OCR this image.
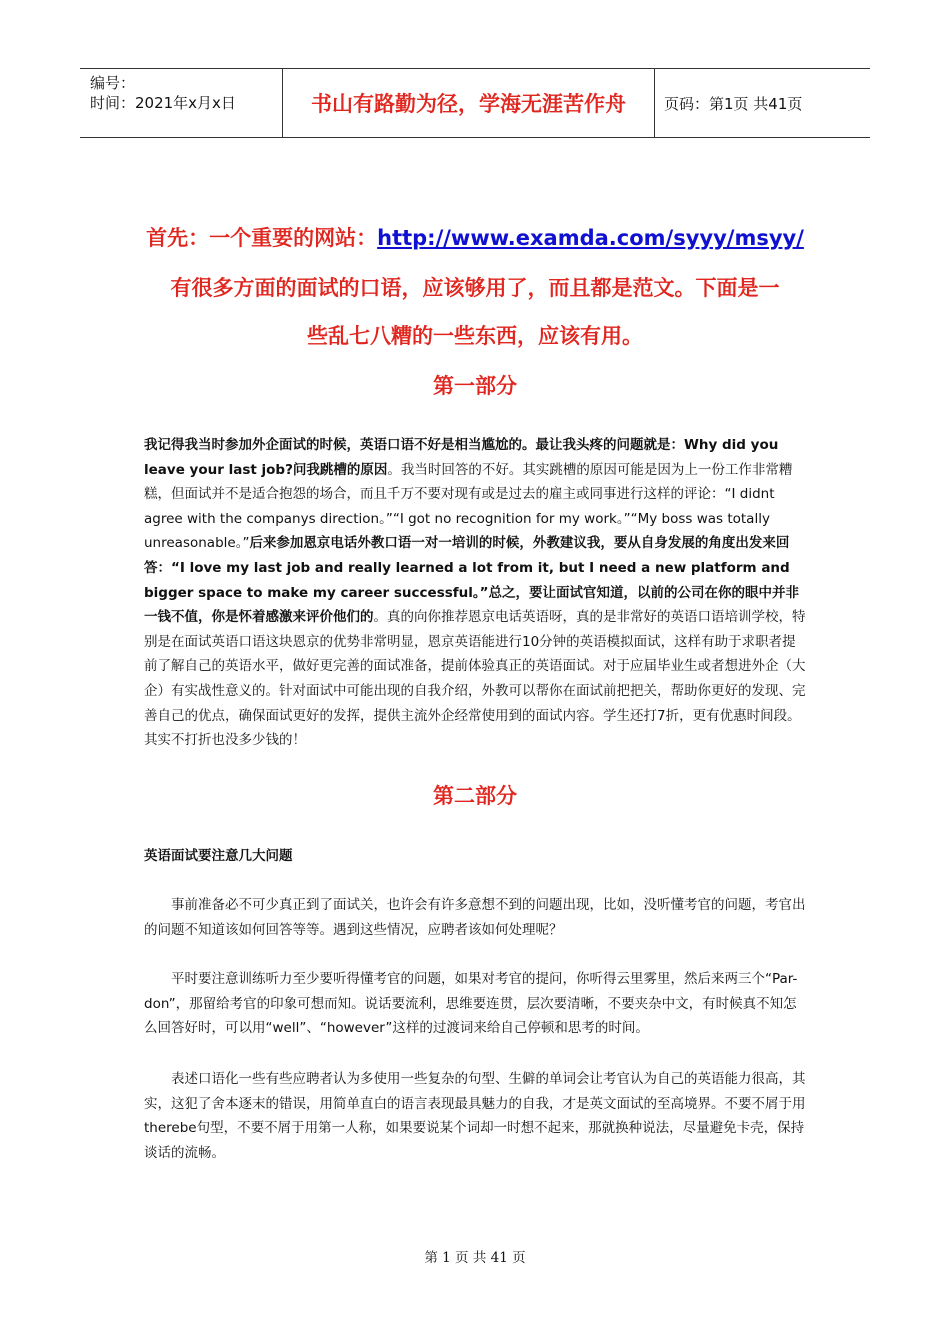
编号：
时间：2021年x月x日	书山有路勤为径，学海无涯苦作舟	页码：第1页 共41页
首先：一个重要的网站：http://www.examda.com/syyy/msyy/
有很多方面的面试的口语，应该够用了，而且都是范文。下面是一
些乱七八糟的一些东西，应该有用。
第一部分
我记得我当时参加外企面试的时候，英语口语不好是相当尴尬的。最让我头疼的问题就是：Why did you leave your last job?问我跳槽的原因。我当时回答的不好。其实跳槽的原因可能是因为上一份工作非常糟糕，但面试并不是适合抱怨的场合，而且千万不要对现有或是过去的雇主或同事进行这样的评论：“I didnt agree with the companys direction。”“I got no recognition for my work。”“My boss was totally unreasonable。”后来参加恩京电话外教口语一对一培训的时候，外教建议我，要从自身发展的角度出发来回答：“I love my last job and really learned a lot from it, but I need a new platform and bigger space to make my career successful。”总之，要让面试官知道，以前的公司在你的眼中并非一钱不值，你是怀着感激来评价他们的。真的向你推荐恩京电话英语呀，真的是非常好的英语口语培训学校，特别是在面试英语口语这块恩京的优势非常明显，恩京英语能进行10分钟的英语模拟面试，这样有助于求职者提前了解自己的英语水平，做好更完善的面试准备，提前体验真正的英语面试。对于应届毕业生或者想进外企（大企）有实战性意义的。针对面试中可能出现的自我介绍，外教可以帮你在面试前把把关，帮助你更好的发现、完善自己的优点，确保面试更好的发挥，提供主流外企经常使用到的面试内容。学生还打7折，更有优惠时间段。其实不打折也没多少钱的！
第二部分
英语面试要注意几大问题
事前准备必不可少真正到了面试关，也许会有许多意想不到的问题出现，比如，没听懂考官的问题，考官出的问题不知道该如何回答等等。遇到这些情况，应聘者该如何处理呢？
平时要注意训练听力至少要听得懂考官的问题，如果对考官的提问，你听得云里雾里，然后来两三个“Par-don”，那留给考官的印象可想而知。说话要流利，思维要连贯，层次要清晰，不要夹杂中文，有时候真不知怎么回答好时，可以用“well”、“however”这样的过渡词来给自己停顿和思考的时间。
表述口语化一些有些应聘者认为多使用一些复杂的句型、生僻的单词会让考官认为自己的英语能力很高，其实，这犯了舍本逐末的错误，用简单直白的语言表现最具魅力的自我，才是英文面试的至高境界。不要不屑于用therebe句型，不要不屑于用第一人称，如果要说某个词却一时想不起来，那就换种说法，尽量避免卡壳，保持谈话的流畅。
第 1 页 共 41 页
